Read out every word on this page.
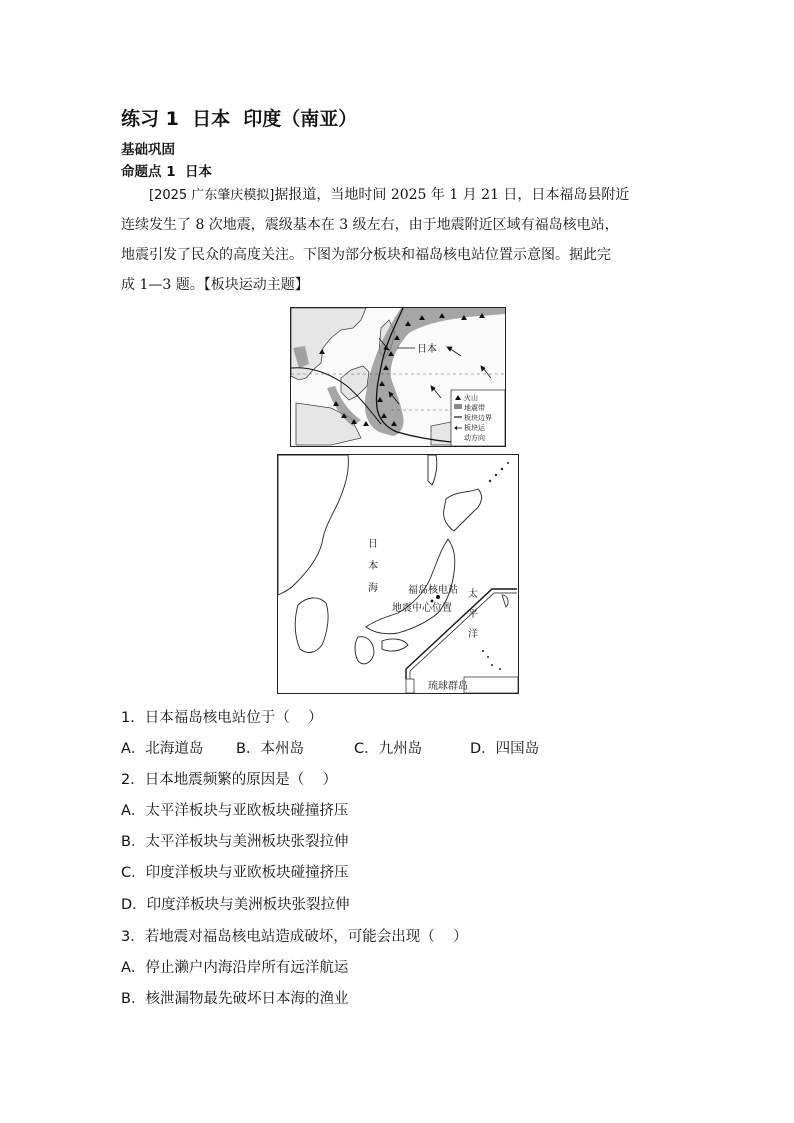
练习 1  日本  印度（南亚）
基础巩固
命题点 1  日本
[2025 广东肇庆模拟]据报道，当地时间 2025 年 1 月 21 日，日本福岛县附近
连续发生了 8 次地震，震级基本在 3 级左右，由于地震附近区域有福岛核电站，
地震引发了民众的高度关注。下图为部分板块和福岛核电站位置示意图。据此完
成 1—3 题。【板块运动主题】
日本
火山
地震带
板块边界
板块运
动方向
福岛核电站
地震中心位置
日
本
海
太
平
洋
琉球群岛
1．日本福岛核电站位于（    ）
A．北海道岛 B．本州岛	C．九州岛	D．四国岛
2．日本地震频繁的原因是（    ）
A．太平洋板块与亚欧板块碰撞挤压
B．太平洋板块与美洲板块张裂拉伸
C．印度洋板块与亚欧板块碰撞挤压
D．印度洋板块与美洲板块张裂拉伸
3．若地震对福岛核电站造成破坏，可能会出现（    ）
A．停止濑户内海沿岸所有远洋航运
B．核泄漏物最先破坏日本海的渔业
